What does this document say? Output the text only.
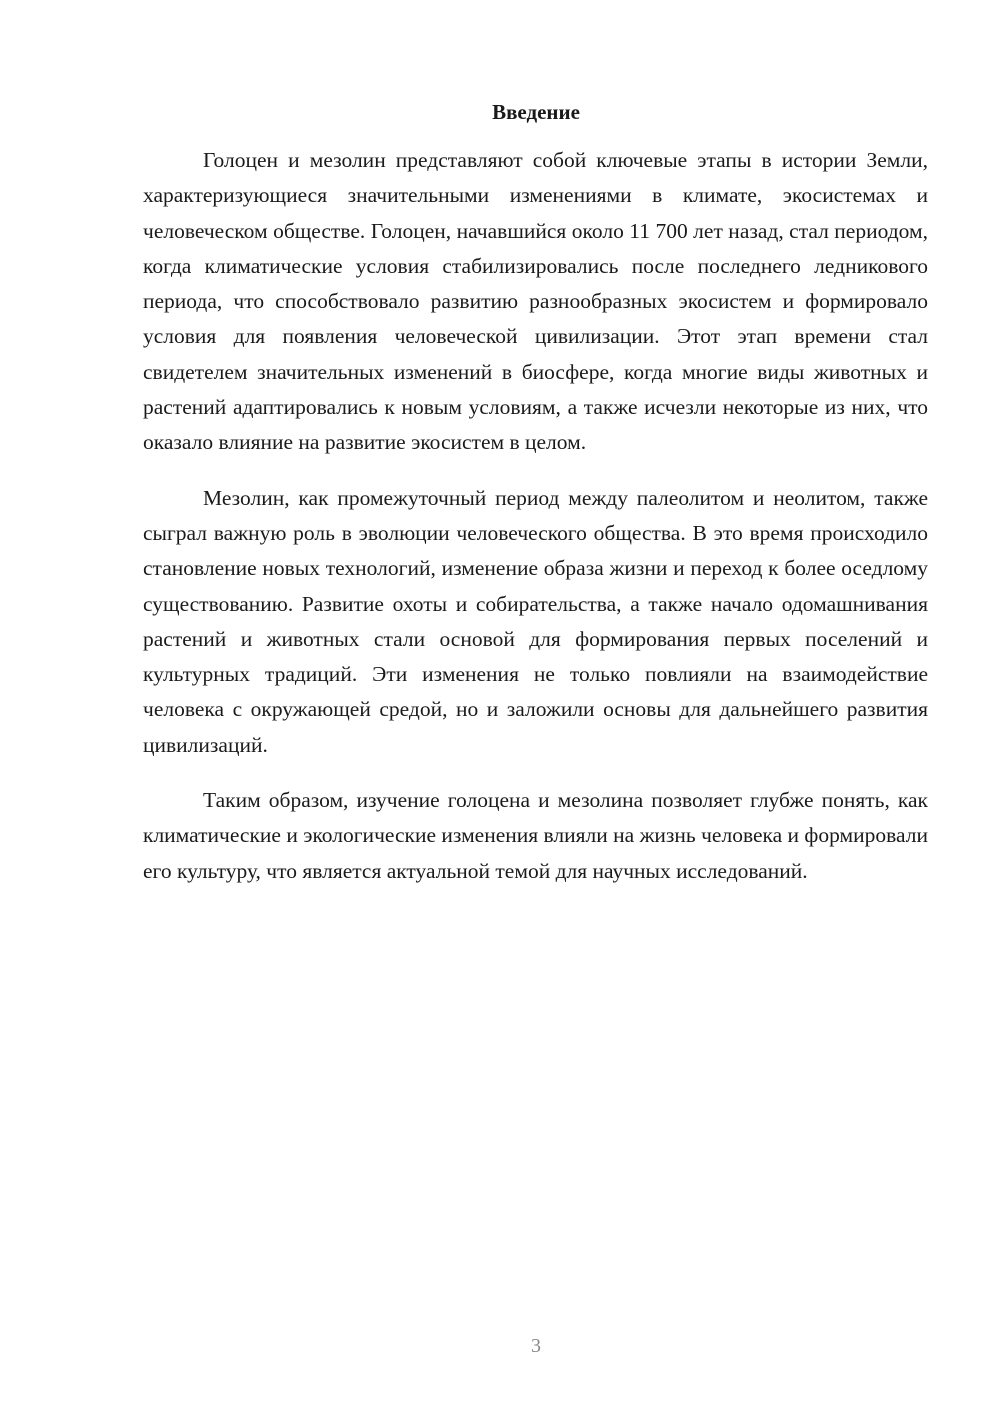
Введение

Голоцен и мезолин представляют собой ключевые этапы в истории Земли, характеризующиеся значительными изменениями в климате, экосистемах и человеческом обществе. Голоцен, начавшийся около 11 700 лет назад, стал периодом, когда климатические условия стабилизировались после последнего ледникового периода, что способствовало развитию разнообразных экосистем и формировало условия для появления человеческой цивилизации. Этот этап времени стал свидетелем значительных изменений в биосфере, когда многие виды животных и растений адаптировались к новым условиям, а также исчезли некоторые из них, что оказало влияние на развитие экосистем в целом.

Мезолин, как промежуточный период между палеолитом и неолитом, также сыграл важную роль в эволюции человеческого общества. В это время происходило становление новых технологий, изменение образа жизни и переход к более оседлому существованию. Развитие охоты и собирательства, а также начало одомашнивания растений и животных стали основой для формирования первых поселений и культурных традиций. Эти изменения не только повлияли на взаимодействие человека с окружающей средой, но и заложили основы для дальнейшего развития цивилизаций.

Таким образом, изучение голоцена и мезолина позволяет глубже понять, как климатические и экологические изменения влияли на жизнь человека и формировали его культуру, что является актуальной темой для научных исследований.

3
